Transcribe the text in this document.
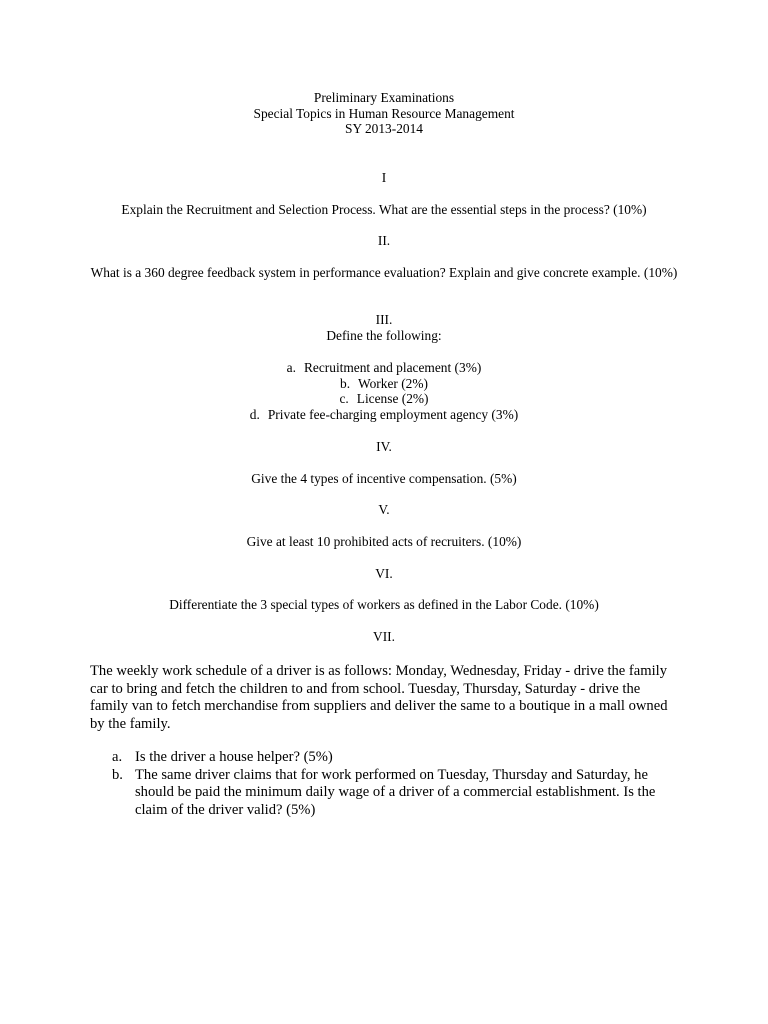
Preliminary Examinations
Special Topics in Human Resource Management
SY 2013-2014
I
Explain the Recruitment and Selection Process. What are the essential steps in the process? (10%)
II.
What is a 360 degree feedback system in performance evaluation? Explain and give concrete example. (10%)
III.
Define the following:
a. Recruitment and placement (3%)
b. Worker (2%)
c. License (2%)
d. Private fee-charging employment agency (3%)
IV.
Give the 4 types of incentive compensation. (5%)
V.
Give at least 10 prohibited acts of recruiters. (10%)
VI.
Differentiate the 3 special types of workers as defined in the Labor Code. (10%)
VII.
The weekly work schedule of a driver is as follows: Monday, Wednesday, Friday - drive the family car to bring and fetch the children to and from school. Tuesday, Thursday, Saturday - drive the family van to fetch merchandise from suppliers and deliver the same to a boutique in a mall owned by the family.
a. Is the driver a house helper? (5%)
b. The same driver claims that for work performed on Tuesday, Thursday and Saturday, he should be paid the minimum daily wage of a driver of a commercial establishment. Is the claim of the driver valid? (5%)
